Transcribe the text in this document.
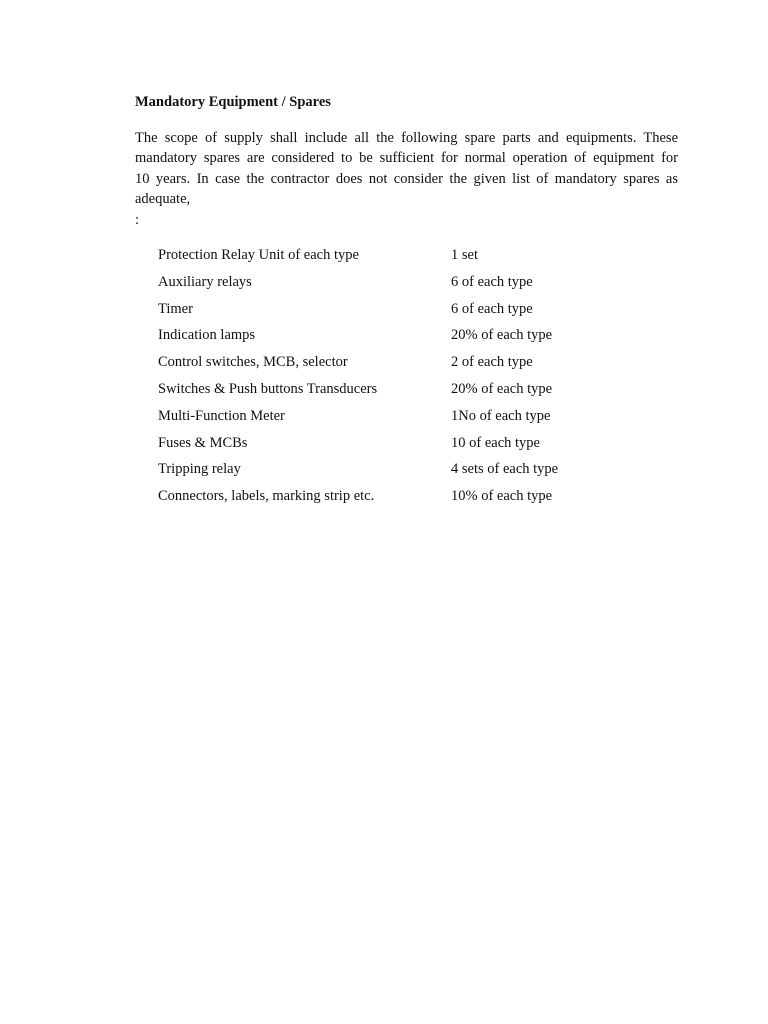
Mandatory Equipment / Spares
The scope of supply shall include all the following spare parts and equipments. These
mandatory spares are considered to be sufficient for normal operation of equipment for
10 years. In case the contractor does not consider the given list of mandatory spares as
adequate,
:
Protection Relay Unit of each type	1 set
Auxiliary relays	6 of each type
Timer	6 of each type
Indication lamps	20% of each type
Control switches, MCB, selector	2 of each type
Switches & Push buttons Transducers	20% of each type
Multi-Function Meter	1No of each type
Fuses & MCBs	10 of each type
Tripping relay	4 sets of each type
Connectors, labels, marking strip etc.	10% of each type
